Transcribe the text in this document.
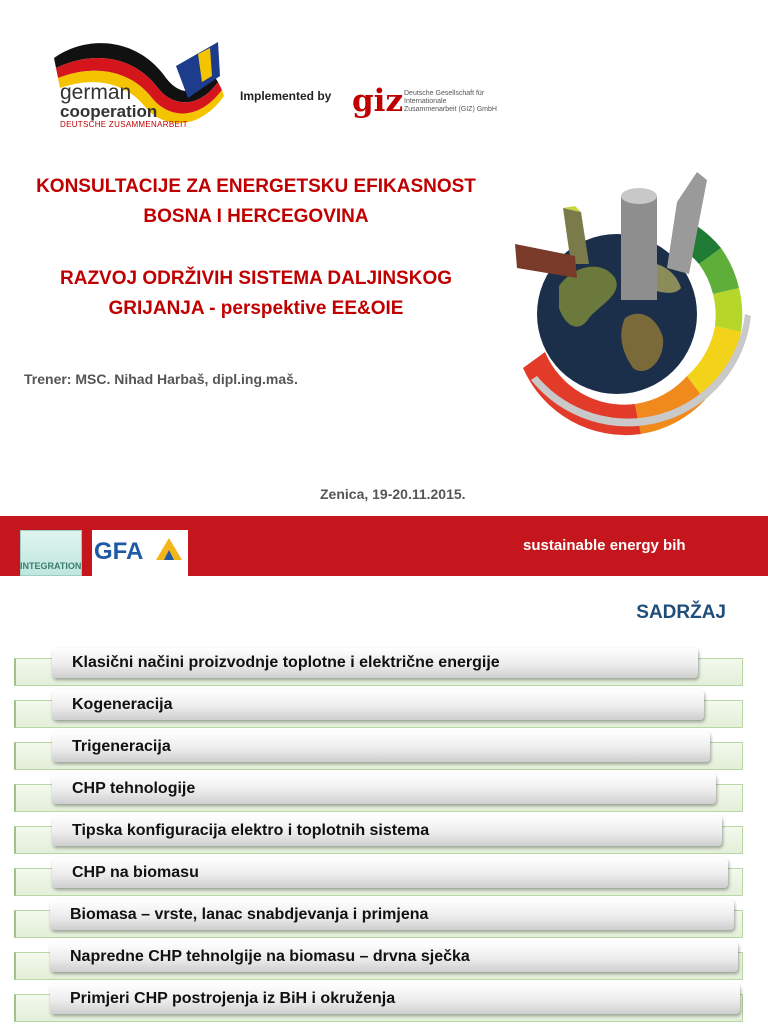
german
cooperation
DEUTSCHE ZUSAMMENARBEIT
Implemented by giz Deutsche Gesellschaft für Internationale Zusammenarbeit (GIZ) GmbH
KONSULTACIJE ZA ENERGETSKU EFIKASNOST
BOSNA I HERCEGOVINA
RAZVOJ ODRŽIVIH SISTEMA DALJINSKOG
GRIJANJA - perspektive EE&OIE
Trener: MSC. Nihad Harbaš, dipl.ing.maš.
Zenica, 19-20.11.2015.
INTEGRATION
GFA	sustainable energy bih
SADRŽAJ
Klasični načini proizvodnje toplotne i električne energije
Kogeneracija
Trigeneracija
CHP tehnologije
Tipska konfiguracija elektro i toplotnih sistema
CHP na biomasu
Biomasa – vrste, lanac snabdjevanja i primjena
Napredne CHP tehnolgije na biomasu – drvna sječka
Primjeri CHP postrojenja iz BiH i okruženja
